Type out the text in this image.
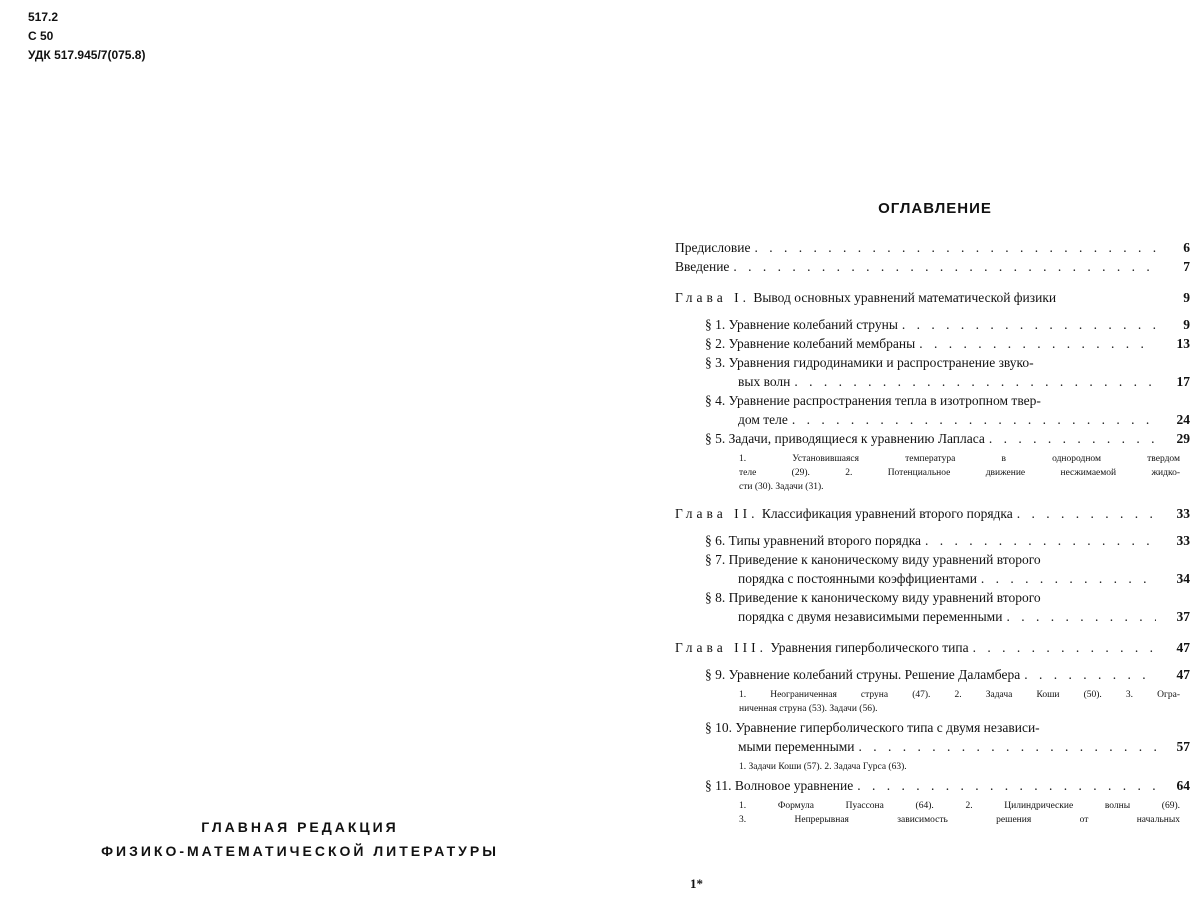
517.2
С 50
УДК 517.945/7(075.8)
ГЛАВНАЯ РЕДАКЦИЯ
ФИЗИКО-МАТЕМАТИЧЕСКОЙ ЛИТЕРАТУРЫ
ОГЛАВЛЕНИЕ
Предисловие . . .	6
Введение . . .	7
Глава I. Вывод основных уравнений математической физики	9
§ 1. Уравнение колебаний струны . . .	9
§ 2. Уравнение колебаний мембраны . . .	13
§ 3. Уравнения гидродинамики и распространение звуко-
вых волн . . .	17
§ 4. Уравнение распространения тепла в изотропном твер-
дом теле . . .	24
§ 5. Задачи, приводящиеся к уравнению Лапласа . . .	29
1. Установившаяся температура в однородном твердом
теле (29). 2. Потенциальное движение несжимаемой жидко-
сти (30). Задачи (31).
Глава II. Классификация уравнений второго порядка . . .	33
§ 6. Типы уравнений второго порядка . . .	33
§ 7. Приведение к каноническому виду уравнений второго
порядка с постоянными коэффициентами . . .	34
§ 8. Приведение к каноническому виду уравнений второго
порядка с двумя независимыми переменными . . .	37
Глава III. Уравнения гиперболического типа . . .	47
§ 9. Уравнение колебаний струны. Решение Даламбера . . .	47
1. Неограниченная струна (47). 2. Задача Коши (50). 3. Огра-
ниченная струна (53). Задачи (56).
§ 10. Уравнение гиперболического типа с двумя независи-
мыми переменными . . .	57
1. Задачи Коши (57). 2. Задача Гурса (63).
§ 11. Волновое уравнение . . .	64
1. Формула Пуассона (64). 2. Цилиндрические волны (69).
3. Непрерывная зависимость решения от начальных
1*
